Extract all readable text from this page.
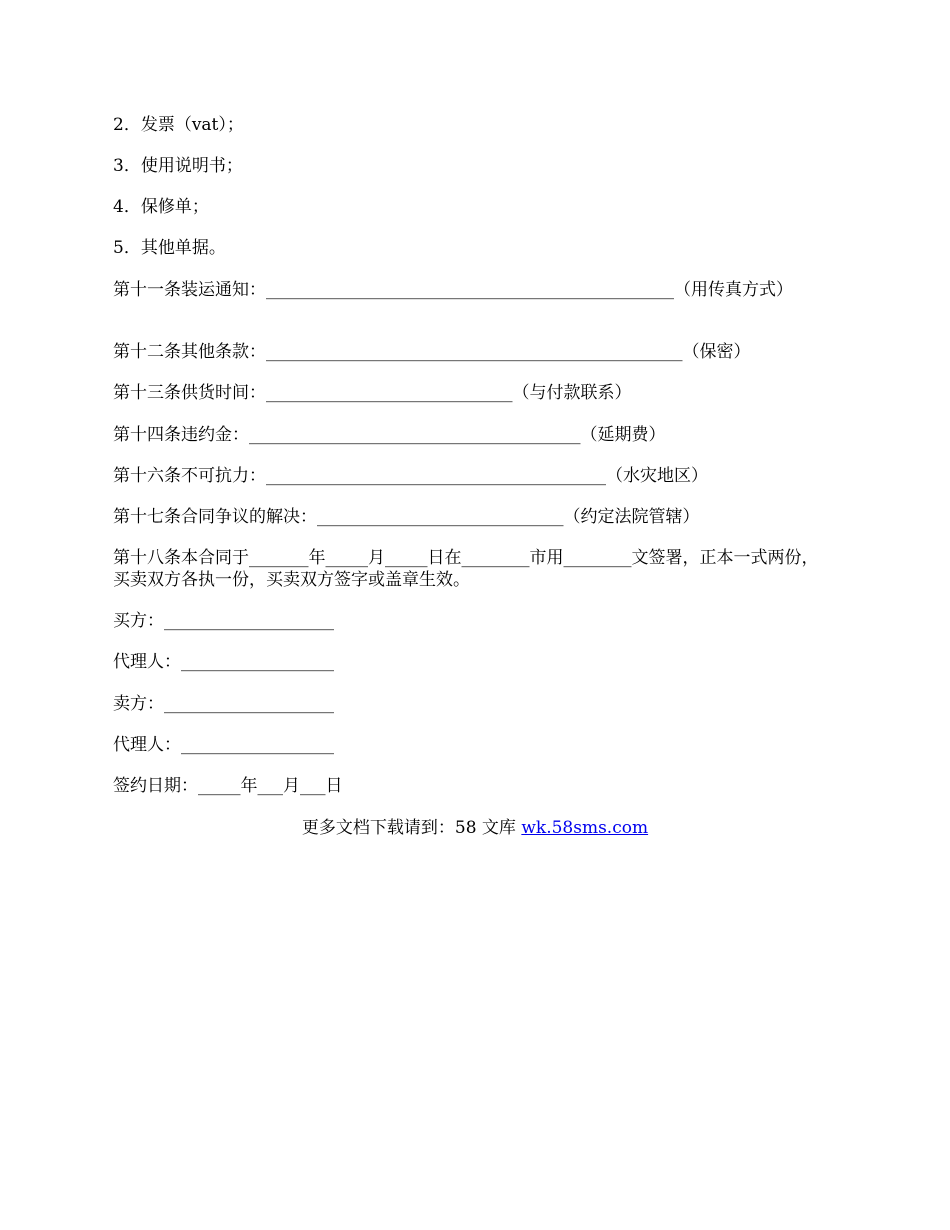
2．发票（vat）；
3．使用说明书；
4．保修单；
5．其他单据。
第十一条装运通知：________________________________________________（用传真方式）
第十二条其他条款：_________________________________________________（保密）
第十三条供货时间：_____________________________（与付款联系）
第十四条违约金：_______________________________________（延期费）
第十六条不可抗力：________________________________________（水灾地区）
第十七条合同争议的解决：_____________________________（约定法院管辖）
第十八条本合同于_______年_____月_____日在________市用________文签署，正本一式两份，买卖双方各执一份，买卖双方签字或盖章生效。
买方：____________________
代理人：__________________
卖方：____________________
代理人：__________________
签约日期：_____年___月___日
更多文档下载请到：58 文库 wk.58sms.com
